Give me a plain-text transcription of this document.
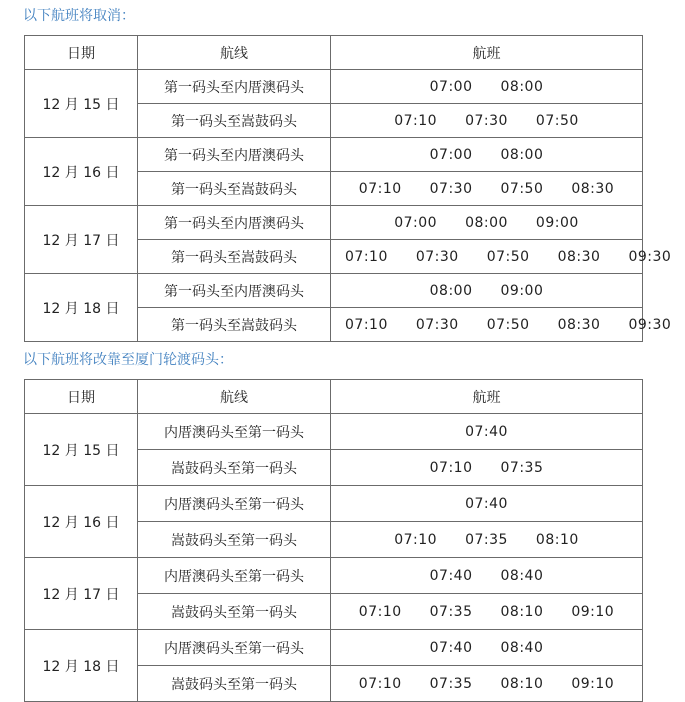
以下航班将取消：
日期	航线	航班
12 月 15 日	第一码头至内厝澳码头	07:00 08:00
	第一码头至嵩鼓码头	07:10 07:30 07:50
12 月 16 日	第一码头至内厝澳码头	07:00 08:00
	第一码头至嵩鼓码头	07:10 07:30 07:50 08:30
12 月 17 日	第一码头至内厝澳码头	07:00 08:00 09:00
	第一码头至嵩鼓码头	07:10 07:30 07:50 08:30 09:30
12 月 18 日	第一码头至内厝澳码头	08:00 09:00
	第一码头至嵩鼓码头	07:10 07:30 07:50 08:30 09:30
以下航班将改靠至厦门轮渡码头：
日期	航线	航班
12 月 15 日	内厝澳码头至第一码头	07:40
	嵩鼓码头至第一码头	07:10 07:35
12 月 16 日	内厝澳码头至第一码头	07:40
	嵩鼓码头至第一码头	07:10 07:35 08:10
12 月 17 日	内厝澳码头至第一码头	07:40 08:40
	嵩鼓码头至第一码头	07:10 07:35 08:10 09:10
12 月 18 日	内厝澳码头至第一码头	07:40 08:40
	嵩鼓码头至第一码头	07:10 07:35 08:10 09:10
